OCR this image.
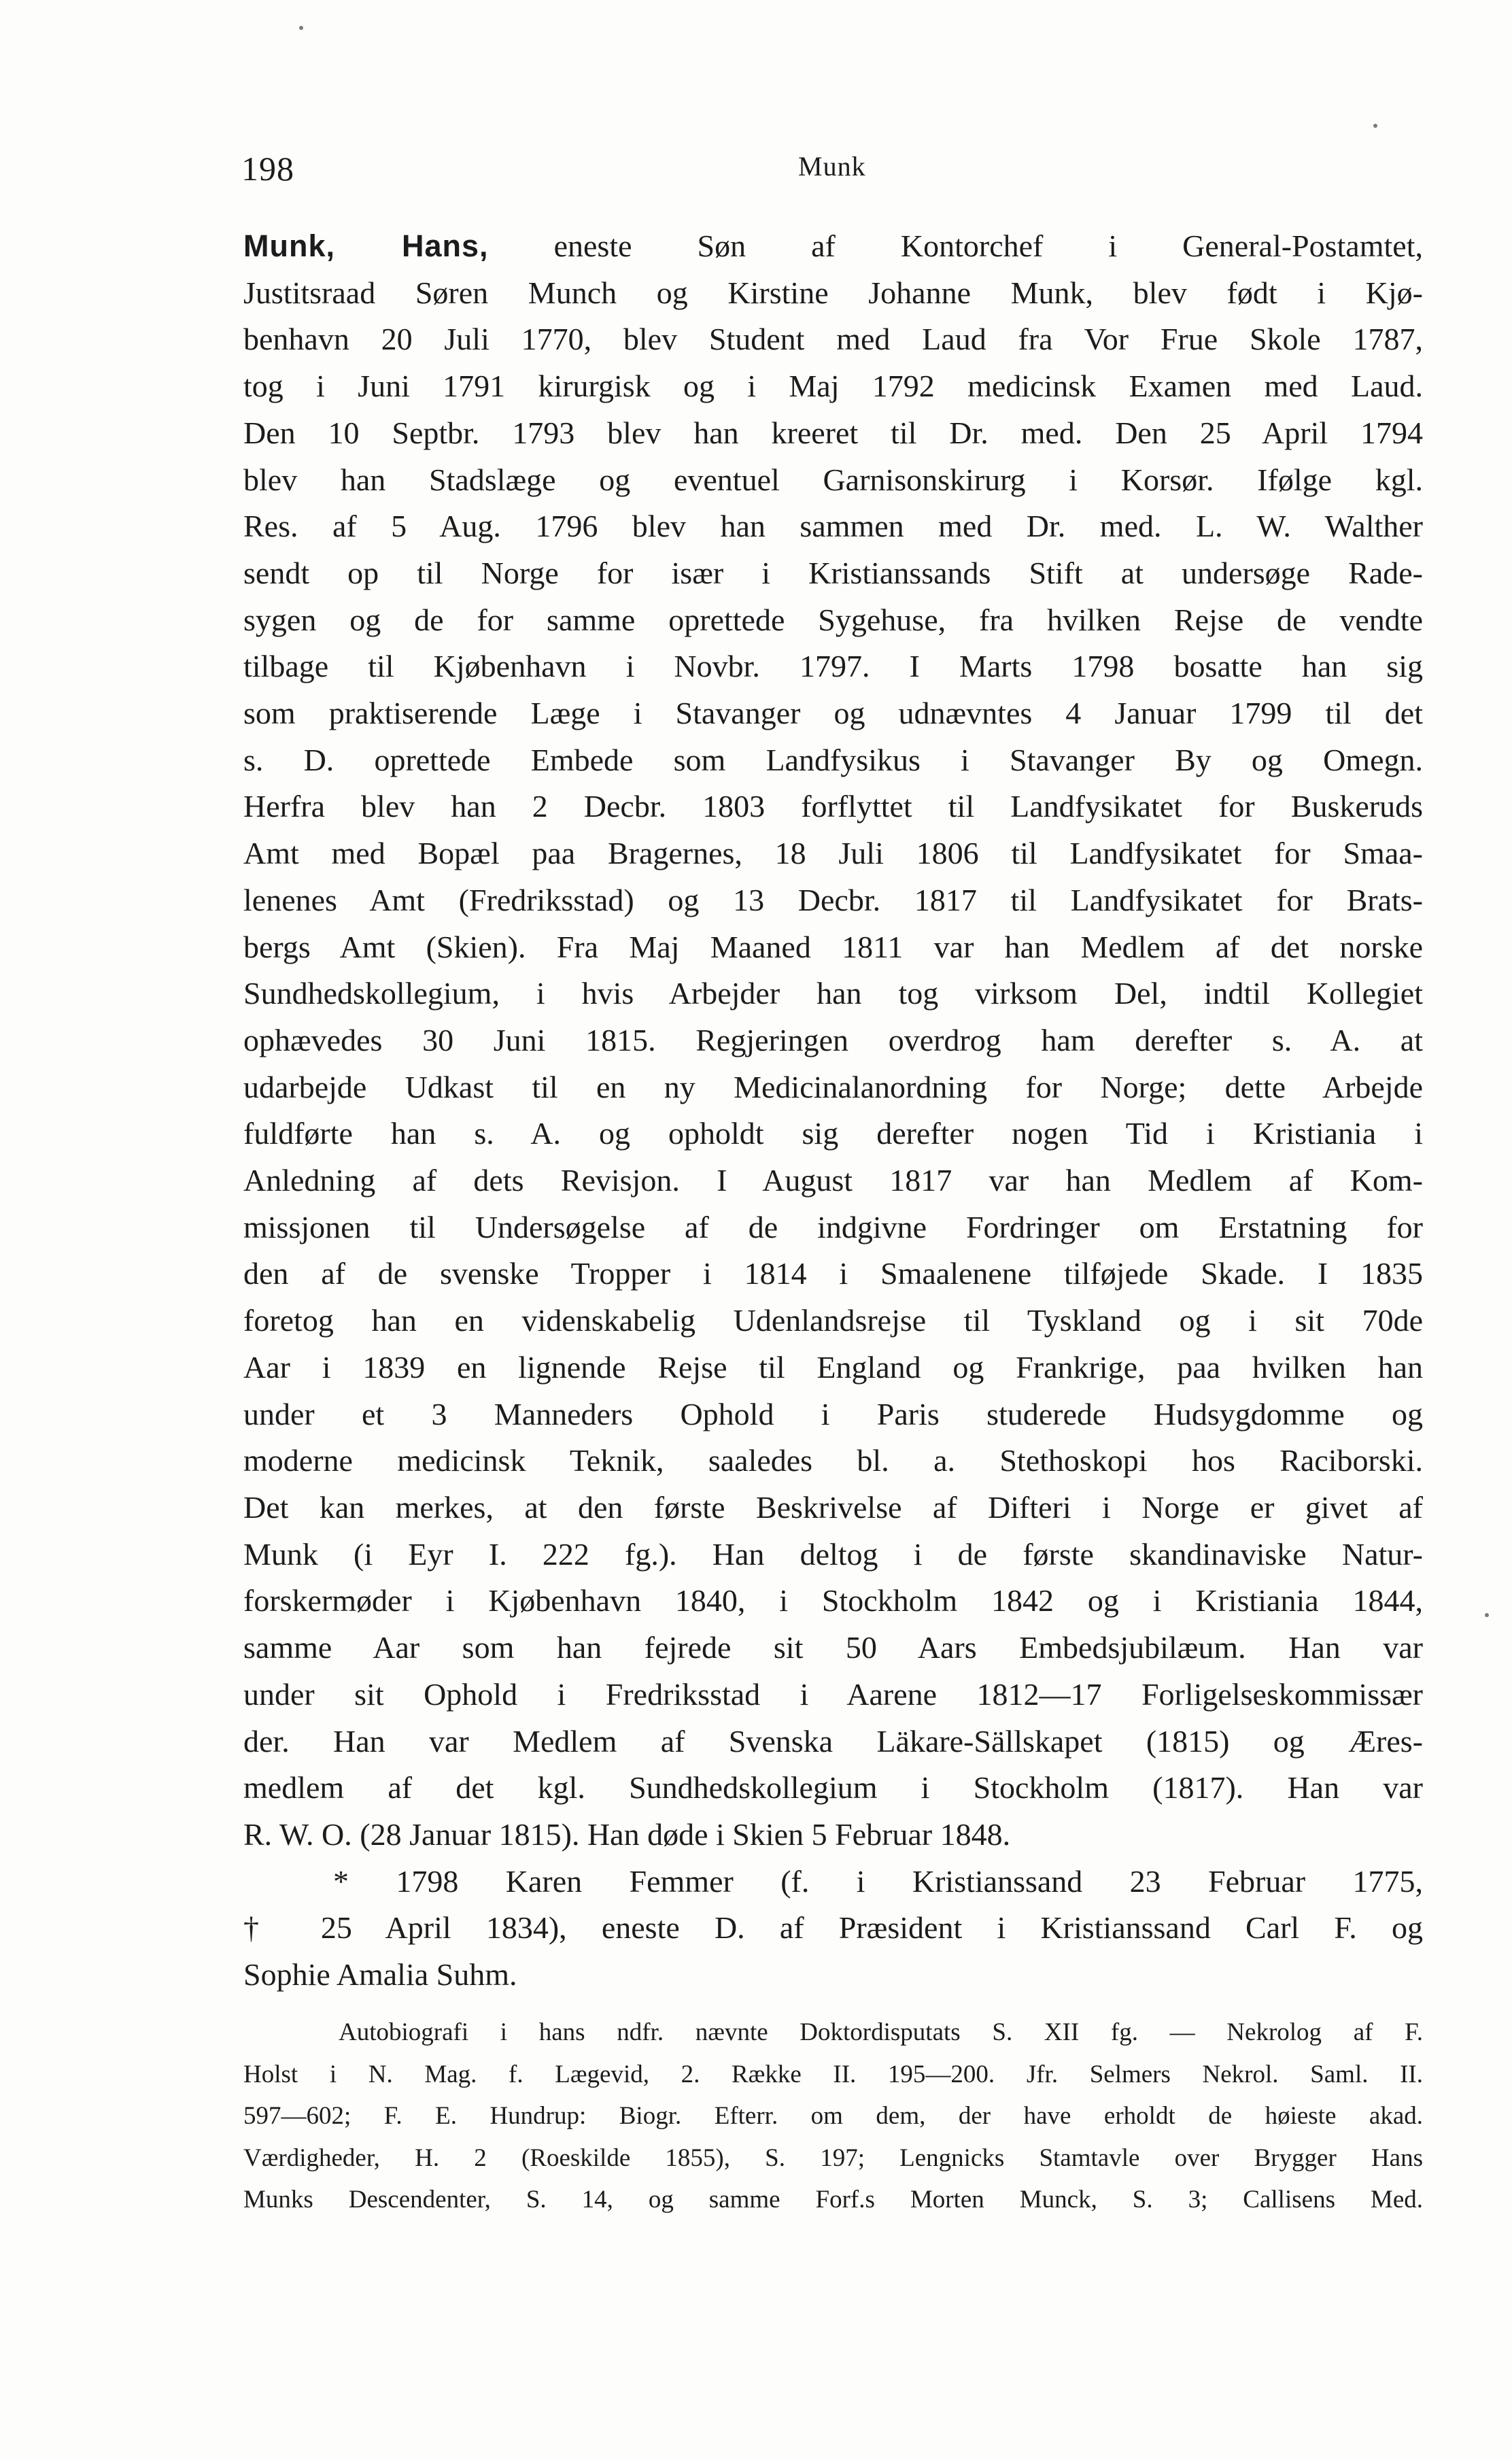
198	Munk
Munk, Hans, eneste Søn af Kontorchef i General-Postamtet,
Justitsraad Søren Munch og Kirstine Johanne Munk, blev født i Kjø-
benhavn 20 Juli 1770, blev Student med Laud fra Vor Frue Skole 1787,
tog i Juni 1791 kirurgisk og i Maj 1792 medicinsk Examen med Laud.
Den 10 Septbr. 1793 blev han kreeret til Dr. med. Den 25 April 1794
blev han Stadslæge og eventuel Garnisonskirurg i Korsør. Ifølge kgl.
Res. af 5 Aug. 1796 blev han sammen med Dr. med. L. W. Walther
sendt op til Norge for især i Kristianssands Stift at undersøge Rade-
sygen og de for samme oprettede Sygehuse, fra hvilken Rejse de vendte
tilbage til Kjøbenhavn i Novbr. 1797. I Marts 1798 bosatte han sig
som praktiserende Læge i Stavanger og udnævntes 4 Januar 1799 til det
s. D. oprettede Embede som Landfysikus i Stavanger By og Omegn.
Herfra blev han 2 Decbr. 1803 forflyttet til Landfysikatet for Buskeruds
Amt med Bopæl paa Bragernes, 18 Juli 1806 til Landfysikatet for Smaa-
lenenes Amt (Fredriksstad) og 13 Decbr. 1817 til Landfysikatet for Brats-
bergs Amt (Skien). Fra Maj Maaned 1811 var han Medlem af det norske
Sundhedskollegium, i hvis Arbejder han tog virksom Del, indtil Kollegiet
ophævedes 30 Juni 1815. Regjeringen overdrog ham derefter s. A. at
udarbejde Udkast til en ny Medicinalanordning for Norge; dette Arbejde
fuldførte han s. A. og opholdt sig derefter nogen Tid i Kristiania i
Anledning af dets Revisjon. I August 1817 var han Medlem af Kom-
missjonen til Undersøgelse af de indgivne Fordringer om Erstatning for
den af de svenske Tropper i 1814 i Smaalenene tilføjede Skade. I 1835
foretog han en videnskabelig Udenlandsrejse til Tyskland og i sit 70de
Aar i 1839 en lignende Rejse til England og Frankrige, paa hvilken han
under et 3 Manneders Ophold i Paris studerede Hudsygdomme og
moderne medicinsk Teknik, saaledes bl. a. Stethoskopi hos Raciborski.
Det kan merkes, at den første Beskrivelse af Difteri i Norge er givet af
Munk (i Eyr I. 222 fg.). Han deltog i de første skandinaviske Natur-
forskermøder i Kjøbenhavn 1840, i Stockholm 1842 og i Kristiania 1844,
samme Aar som han fejrede sit 50 Aars Embedsjubilæum. Han var
under sit Ophold i Fredriksstad i Aarene 1812—17 Forligelseskommissær
der. Han var Medlem af Svenska Läkare-Sällskapet (1815) og Æres-
medlem af det kgl. Sundhedskollegium i Stockholm (1817). Han var
R. W. O. (28 Januar 1815). Han døde i Skien 5 Februar 1848.
* 1798 Karen Femmer (f. i Kristianssand 23 Februar 1775,
† 25 April 1834), eneste D. af Præsident i Kristianssand Carl F. og
Sophie Amalia Suhm.
Autobiografi i hans ndfr. nævnte Doktordisputats S. XII fg. — Nekrolog af F.
Holst i N. Mag. f. Lægevid, 2. Række II. 195—200. Jfr. Selmers Nekrol. Saml. II.
597—602; F. E. Hundrup: Biogr. Efterr. om dem, der have erholdt de høieste akad.
Værdigheder, H. 2 (Roeskilde 1855), S. 197; Lengnicks Stamtavle over Brygger Hans
Munks Descendenter, S. 14, og samme Forf.s Morten Munck, S. 3; Callisens Med.
